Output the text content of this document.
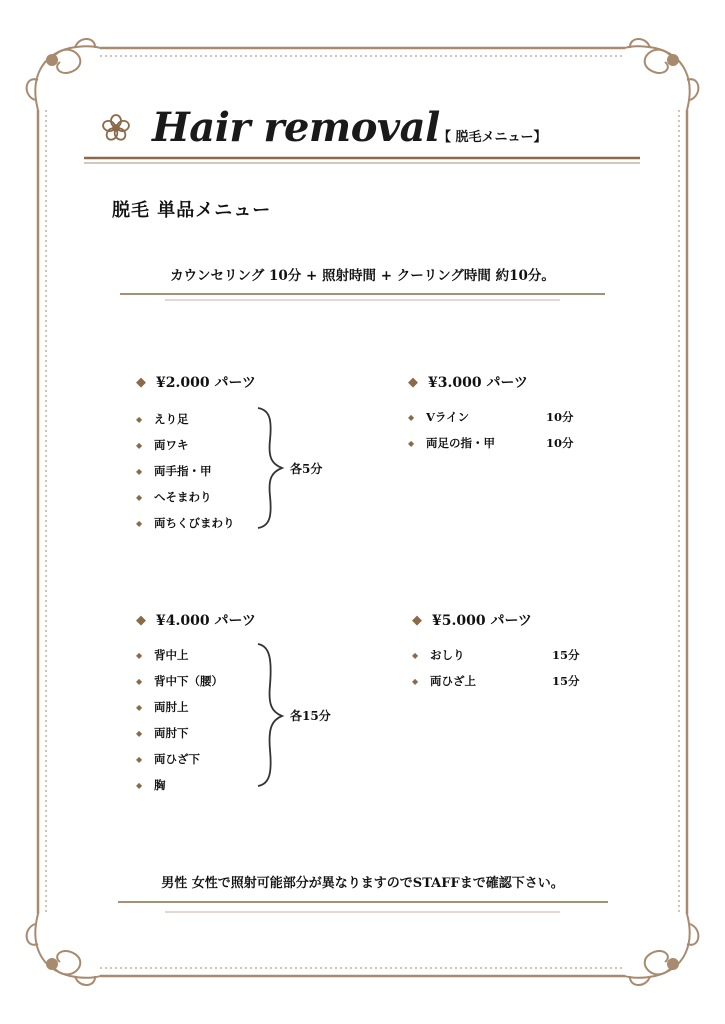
Hair removal
【 脱毛メニュー】
脱毛 単品メニュー
カウンセリング 10分 + 照射時間 + クーリング時間 約10分。
◆ ¥2.000 パーツ
◆	えり足
◆	両ワキ
◆	両手指・甲
◆	へそまわり
◆	両ちくびまわり
各5分
◆ ¥3.000 パーツ
◆	Vライン	10分
◆	両足の指・甲	10分
◆ ¥4.000 パーツ
◆	背中上
◆	背中下（腰）
◆	両肘上
◆	両肘下
◆	両ひざ下
◆	胸
各15分
◆ ¥5.000 パーツ
◆	おしり	15分
◆	両ひざ上	15分
男性 女性で照射可能部分が異なりますのでSTAFFまで確認下さい。
